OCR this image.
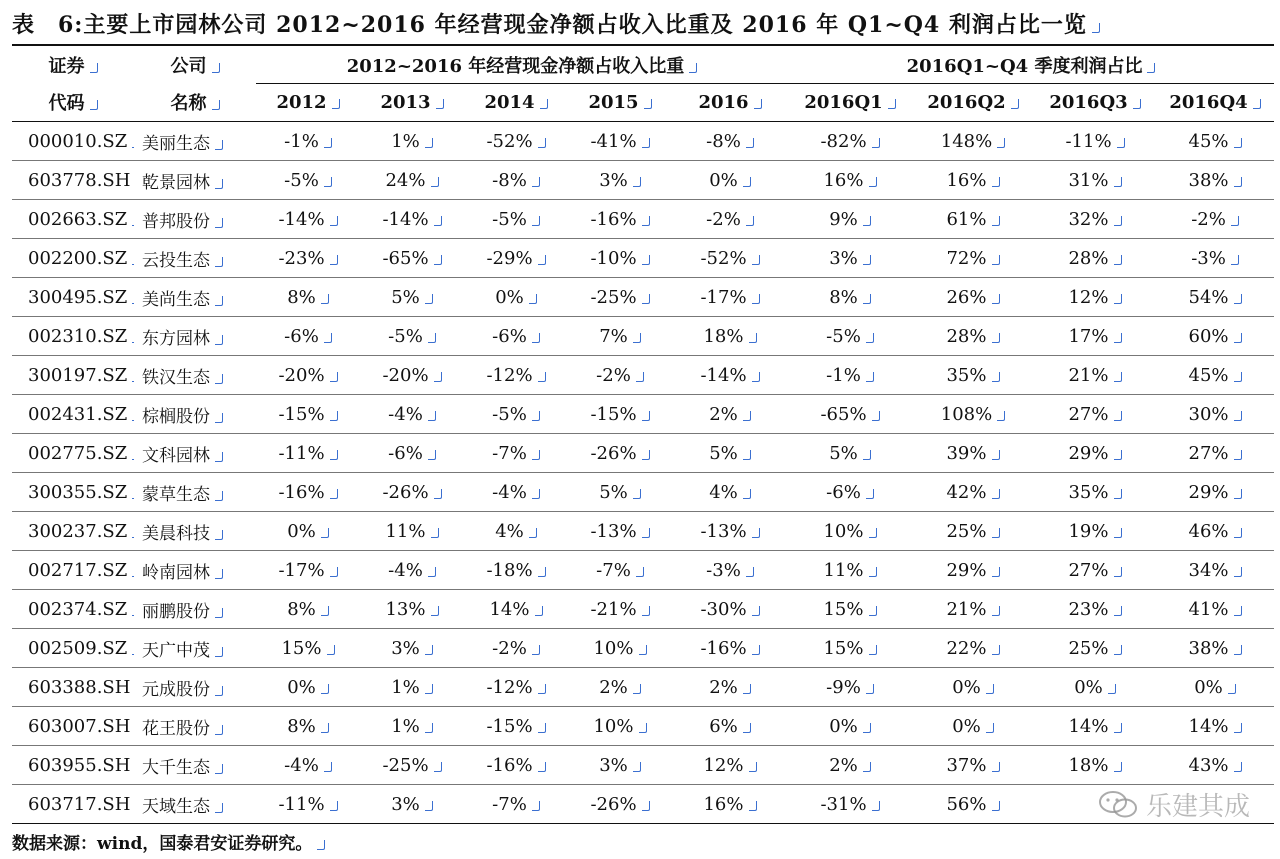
表　6:主要上市园林公司 2012~2016 年经营现金净额占收入比重及 2016 年 Q1~Q4 利润占比一览
证券	公司	2012~2016 年经营现金净额占收入比重					2016Q1~Q4 季度利润占比			
代码	名称	2012	2013	2014	2015	2016	2016Q1	2016Q2	2016Q3	2016Q4
000010.SZ	美丽生态	-1%	1%	-52%	-41%	-8%	-82%	148%	-11%	45%
603778.SH	乾景园林	-5%	24%	-8%	3%	0%	16%	16%	31%	38%
002663.SZ	普邦股份	-14%	-14%	-5%	-16%	-2%	9%	61%	32%	-2%
002200.SZ	云投生态	-23%	-65%	-29%	-10%	-52%	3%	72%	28%	-3%
300495.SZ	美尚生态	8%	5%	0%	-25%	-17%	8%	26%	12%	54%
002310.SZ	东方园林	-6%	-5%	-6%	7%	18%	-5%	28%	17%	60%
300197.SZ	铁汉生态	-20%	-20%	-12%	-2%	-14%	-1%	35%	21%	45%
002431.SZ	棕榈股份	-15%	-4%	-5%	-15%	2%	-65%	108%	27%	30%
002775.SZ	文科园林	-11%	-6%	-7%	-26%	5%	5%	39%	29%	27%
300355.SZ	蒙草生态	-16%	-26%	-4%	5%	4%	-6%	42%	35%	29%
300237.SZ	美晨科技	0%	11%	4%	-13%	-13%	10%	25%	19%	46%
002717.SZ	岭南园林	-17%	-4%	-18%	-7%	-3%	11%	29%	27%	34%
002374.SZ	丽鹏股份	8%	13%	14%	-21%	-30%	15%	21%	23%	41%
002509.SZ	天广中茂	15%	3%	-2%	10%	-16%	15%	22%	25%	38%
603388.SH	元成股份	0%	1%	-12%	2%	2%	-9%	0%	0%	0%
603007.SH	花王股份	8%	1%	-15%	10%	6%	0%	0%	14%	14%
603955.SH	大千生态	-4%	-25%	-16%	3%	12%	2%	37%	18%	43%
603717.SH	天域生态	-11%	3%	-7%	-26%	16%	-31%	56%		
数据来源：wind，国泰君安证券研究。
乐建其成
